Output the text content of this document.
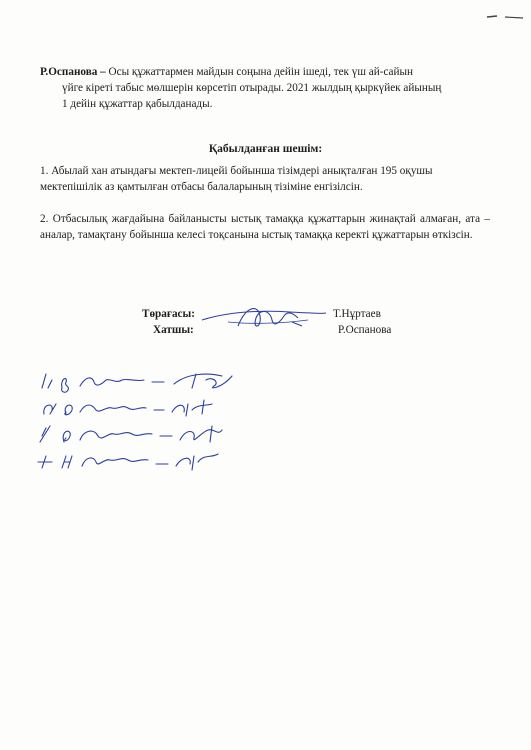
Р.Оспанова – Осы құжаттармен майдын соңына дейін ішеді, тек үш ай-сайын
үйге кіреті табыс мөлшерін көрсетіп отырады. 2021 жылдың қыркүйек айының
1 дейін құжаттар қабылданады.
Қабылданған шешім:
1. Абылай хан атындағы мектеп-лицейі бойынша тізімдері анықталған 195 оқушы мектепішілік аз қамтылған отбасы балаларының тізіміне енгізілсін.
2. Отбасылық жағдайына байланысты ыстық тамаққа құжаттарын жинақтай алмаған, ата –аналар, тамақтану бойынша келесі тоқсанына ыстық тамаққа керекті құжаттарын өткізсін.
Төрағасы:
Хатшы:
Т.Нұртаев
Р.Оспанова
